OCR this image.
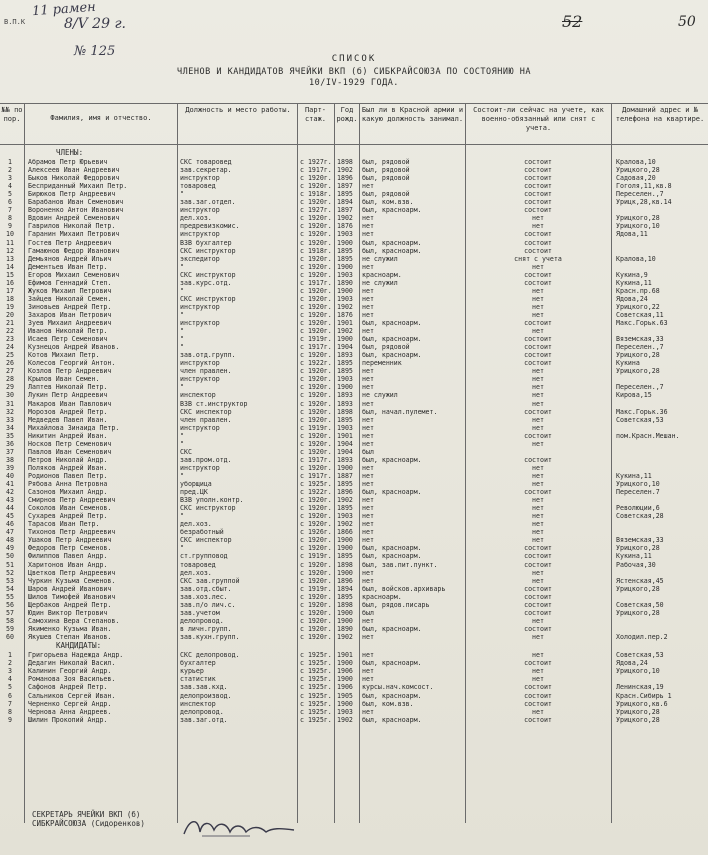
В.П.К
11 рамен
8/V 29 г.
№ 125
52	50
СПИСОК
ЧЛЕНОВ И КАНДИДАТОВ ЯЧЕЙКИ ВКП (б) СИБКРАЙСОЮЗА ПО СОСТОЯНИЮ НА
10/IV-1929 ГОДА.
№№ по пор.	Фамилия, имя и отчество.
Должность и место работы.	Парт-стаж.
Год рожд.
Был ли в Красной армии и какую должность занимал.
Состоит-ли сейчас на учете, как военно-обязанный или снят с учета.
Домашний адрес и № телефона на квартире.
ЧЛЕНЫ:
1	Абрамов Петр Юрьевич	СКС товаровед	с 1927г. 1898	был, рядовой	состоит	Кралова,10
2	Алексеев Иван Андреевич	зав.секретар.	с 1917г. 1902	был, рядовой	состоит	Урицкого,28
3	Быков Николай Федорович	инструктор	с 1920г. 1896	был, рядовой	состоит	Садовая,20
4	Бесприданный Михаил Петр.	товаровед	с 1920г. 1897	нет	состоит	Гоголя,11,кв.8
5	Бирюков Петр Андреевич	"	с 1918г. 1895	был, рядовой	состоит	Переселен.,7
6	Барабанов Иван Семенович	зав.заг.отдел.	с 1920г. 1894	был, ком.взв.	состоит	Урицк,28,кв.14
7	Вороненко Антон Иванович	инструктор	с 1927г. 1897	был, красноарм.	состоит
8	Вдовин Андрей Семенович	дел.хоз.	с 1920г. 1902	нет	нет	Урицкого,28
9	Гаврилов Николай Петр.	предревизкомис.	с 1920г. 1876	нет	нет	Урицкого,10
10	Гаранин Михаил Петрович	инструктор	с 1920г. 1903	нет	состоит	Ядова,11
11	Гостев Петр Андреевич	ВЗВ бухгалтер	с 1920г. 1900	был, красноарм.	состоит
12	Гамаюнов Федор Иванович	СКС инструктор	с 1918г. 1895	был, красноарм.	состоит
13	Демьянов Андрей Ильич	экспедитор	с 1920г. 1895	не служил	снят с учета	Кралова,10
14	Дементьев Иван Петр.	"	с 1920г. 1900	нет	нет
15	Егоров Михаил Семенович	СКС инструктор	с 1920г. 1903	красноарм.	состоит	Кукина,9
16	Ефимов Геннадий Степ.	зав.курс.отд.	с 1917г. 1890	не служил	состоит	Кукина,11
17	Жуков Михаил Петрович	"	с 1920г. 1900	нет	нет	Красн.пр.68
18	Зайцев Николай Семен.	СКС инструктор	с 1920г. 1903	нет	нет	Ядова,24
19	Зиновьев Андрей Петр.	инструктор	с 1920г. 1902	нет	нет	Урицкого,22
20	Захаров Иван Петрович	"	с 1920г. 1876	нет	нет	Советская,11
21	Зуев Михаил Андреевич	инструктор	с 1920г. 1901	был, красноарм.	состоит	Макс.Горьк.63
22	Иванов Николай Петр.	"	с 1920г. 1902	нет	нет
23	Исаев Петр Семенович	"	с 1919г. 1900	был, красноарм.	состоит	Вяземская,33
24	Кузнецов Андрей Иванов.	"	с 1917г. 1904	был, рядовой	состоит	Переселен.,7
25	Котов Михаил Петр.	зав.отд.групп.	с 1920г. 1893	был, красноарм.	состоит	Урицкого,28
26	Колесов Георгий Антон.	инструктор	с 1922г. 1895	переменник	состоит	Кукина
27	Козлов Петр Андреевич	член правлен.	с 1920г. 1895	нет	нет	Урицкого,28
28	Крылов Иван Семен.	инструктор	с 1920г. 1903	нет	нет
29	Лаптев Николай Петр.	"	с 1920г. 1900	нет	нет	Переселен.,7
30	Лукин Петр Андреевич	инспектор	с 1920г. 1893	не служил	нет	Кирова,15
31	Макаров Иван Павлович	ВЗВ ст.инструктор	с 1920г. 1893	нет	нет
32	Морозов Андрей Петр.	СКС инспектор	с 1920г. 1898	был, начал.пулемет.	состоит	Макс.Горьк.36
33	Медведев Павел Иван.	член правлен.	с 1920г. 1895	нет	нет	Советская,53
34	Михайлова Зинаида Петр.	инструктор	с 1919г. 1903	нет	нет
35	Никитин Андрей Иван.	"	с 1920г. 1901	нет	состоит	пом.Красн.Мешан.
36	Носков Петр Семенович	"	с 1920г. 1904	нет	нет
37	Павлов Иван Семенович	СКС	с 1920г. 1904	был
38	Петров Николай Андр.	зав.пром.отд.	с 1917г. 1893	был, красноарм.	состоит
39	Поляков Андрей Иван.	инструктор	с 1920г. 1900	нет	нет
40	Родионов Павел Петр.	"	с 1917г. 1887	нет	нет	Кукина,11
41	Рябова Анна Петровна	уборщица	с 1925г. 1895	нет	нет	Урицкого,10
42	Сазонов Михаил Андр.	пред.ЦК	с 1922г. 1896	был, красноарм.	состоит	Переселен.7
43	Смирнов Петр Андреевич	ВЗВ уполн.контр.	с 1920г. 1902	нет	нет
44	Соколов Иван Семенов.	СКС инструктор	с 1920г. 1895	нет	нет	Революции,6
45	Сухарев Андрей Петр.	"	с 1920г. 1903	нет	нет	Советская,28
46	Тарасов Иван Петр.	дел.хоз.	с 1920г. 1902	нет	нет
47	Тихонов Петр Андреевич	безработный	с 1926г. 1866	нет	нет
48	Ушаков Петр Андреевич	СКС инспектор	с 1920г. 1900	нет	нет	Вяземская,33
49	Федоров Петр Семенов.	"	с 1920г. 1900	был, красноарм.	состоит	Урицкого,28
50	Филиппов Павел Андр.	ст.групповод	с 1919г. 1895	был, красноарм.	состоит	Кукина,11
51	Харитонов Иван Андр.	товаровед	с 1920г. 1898	был, зав.пит.пункт.	состоит	Рабочая,30
52	Цветков Петр Андреевич	дел.хоз.	с 1920г. 1900	нет	нет
53	Чуркин Кузьма Семенов.	СКС зав.группой	с 1920г. 1896	нет	нет	Ястенская,45
54	Шаров Андрей Иванович	зав.отд.сбыт.	с 1919г. 1894	был, войсков.архиварь	состоит	Урицкого,28
55	Шилов Тимофей Иванович	зав.хоз.лес.	с 1920г. 1895	красноарм.	состоит
56	Щербаков Андрей Петр.	зав.п/о лич.с.	с 1920г. 1898	был, рядов.писарь	состоит	Советская,50
57	Юдин Виктор Петрович	зав.учетом	с 1920г. 1900	был	состоит	Урицкого,28
58	Самохина Вера Степанов.	делопровод.	с 1920г. 1900	нет	нет
59	Якименко Кузьма Иван.	в личн.групп.	с 1920г. 1890	был, красноарм.	состоит
60	Якушев Степан Иванов.	зав.кухн.групп.	с 1920г. 1902	нет	нет	Холодил.пер.2
КАНДИДАТЫ:
1	Григорьева Надежда Андр.	СКС делопровод.	с 1925г. 1901	нет	нет	Советская,53
2	Дедагин Николай Васил.	бухгалтер	с 1925г. 1900	был, красноарм.	состоит	Ядова,24
3	Калинин Георгий Андр.	курьер	с 1925г. 1906	нет	нет	Урицкого,10
4	Романова Зоя Васильев.	статистик	с 1925г. 1900	нет	нет
5	Сафонов Андрей Петр.	зав.зав.кхд.	с 1925г. 1906	курсы.нач.комсост.	состоит	Ленинская,19
6	Сальников Сергей Иван.	делопроизвод.	с 1925г. 1905	был, красноарм.	состоит	Красн.Сибирь 1
7	Черненко Сергей Андр.	инспектор	с 1925г. 1900	был, ком.взв.	состоит	Урицкого,кв.6
8	Чернова Анна Андреев.	делопровод.	с 1925г. 1903	нет	нет	Урицкого,28
9	Шилин Прокопий Андр.	зав.заг.отд.	с 1925г. 1902	был, красноарм.	состоит	Урицкого,28
СЕКРЕТАРЬ ЯЧЕЙКИ ВКП (б)
СИБКРАЙСОЮЗА (Сидоренков)
